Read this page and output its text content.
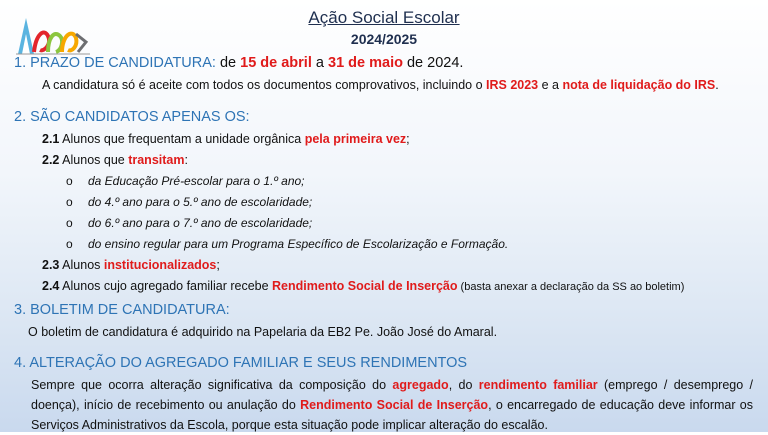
Ação Social Escolar
2024/2025
1. PRAZO DE CANDIDATURA: de 15 de abril a 31 de maio de 2024.
A candidatura só é aceite com todos os documentos comprovativos, incluindo o IRS 2023 e a nota de liquidação do IRS.
2. SÃO CANDIDATOS APENAS OS:
2.1 Alunos que frequentam a unidade orgânica pela primeira vez;
2.2 Alunos que transitam:
o da Educação Pré-escolar para o 1.º ano;
o do 4.º ano para o 5.º ano de escolaridade;
o do 6.º ano para o 7.º ano de escolaridade;
o do ensino regular para um Programa Específico de Escolarização e Formação.
2.3 Alunos institucionalizados;
2.4 Alunos cujo agregado familiar recebe Rendimento Social de Inserção (basta anexar a declaração da SS ao boletim)
3. BOLETIM DE CANDIDATURA:
O boletim de candidatura é adquirido na Papelaria da EB2 Pe. João José do Amaral.
4. ALTERAÇÃO DO AGREGADO FAMILIAR E SEUS RENDIMENTOS
Sempre que ocorra alteração significativa da composição do agregado, do rendimento familiar (emprego / desemprego / doença), início de recebimento ou anulação do Rendimento Social de Inserção, o encarregado de educação deve informar os Serviços Administrativos da Escola, porque esta situação pode implicar alteração do escalão.
